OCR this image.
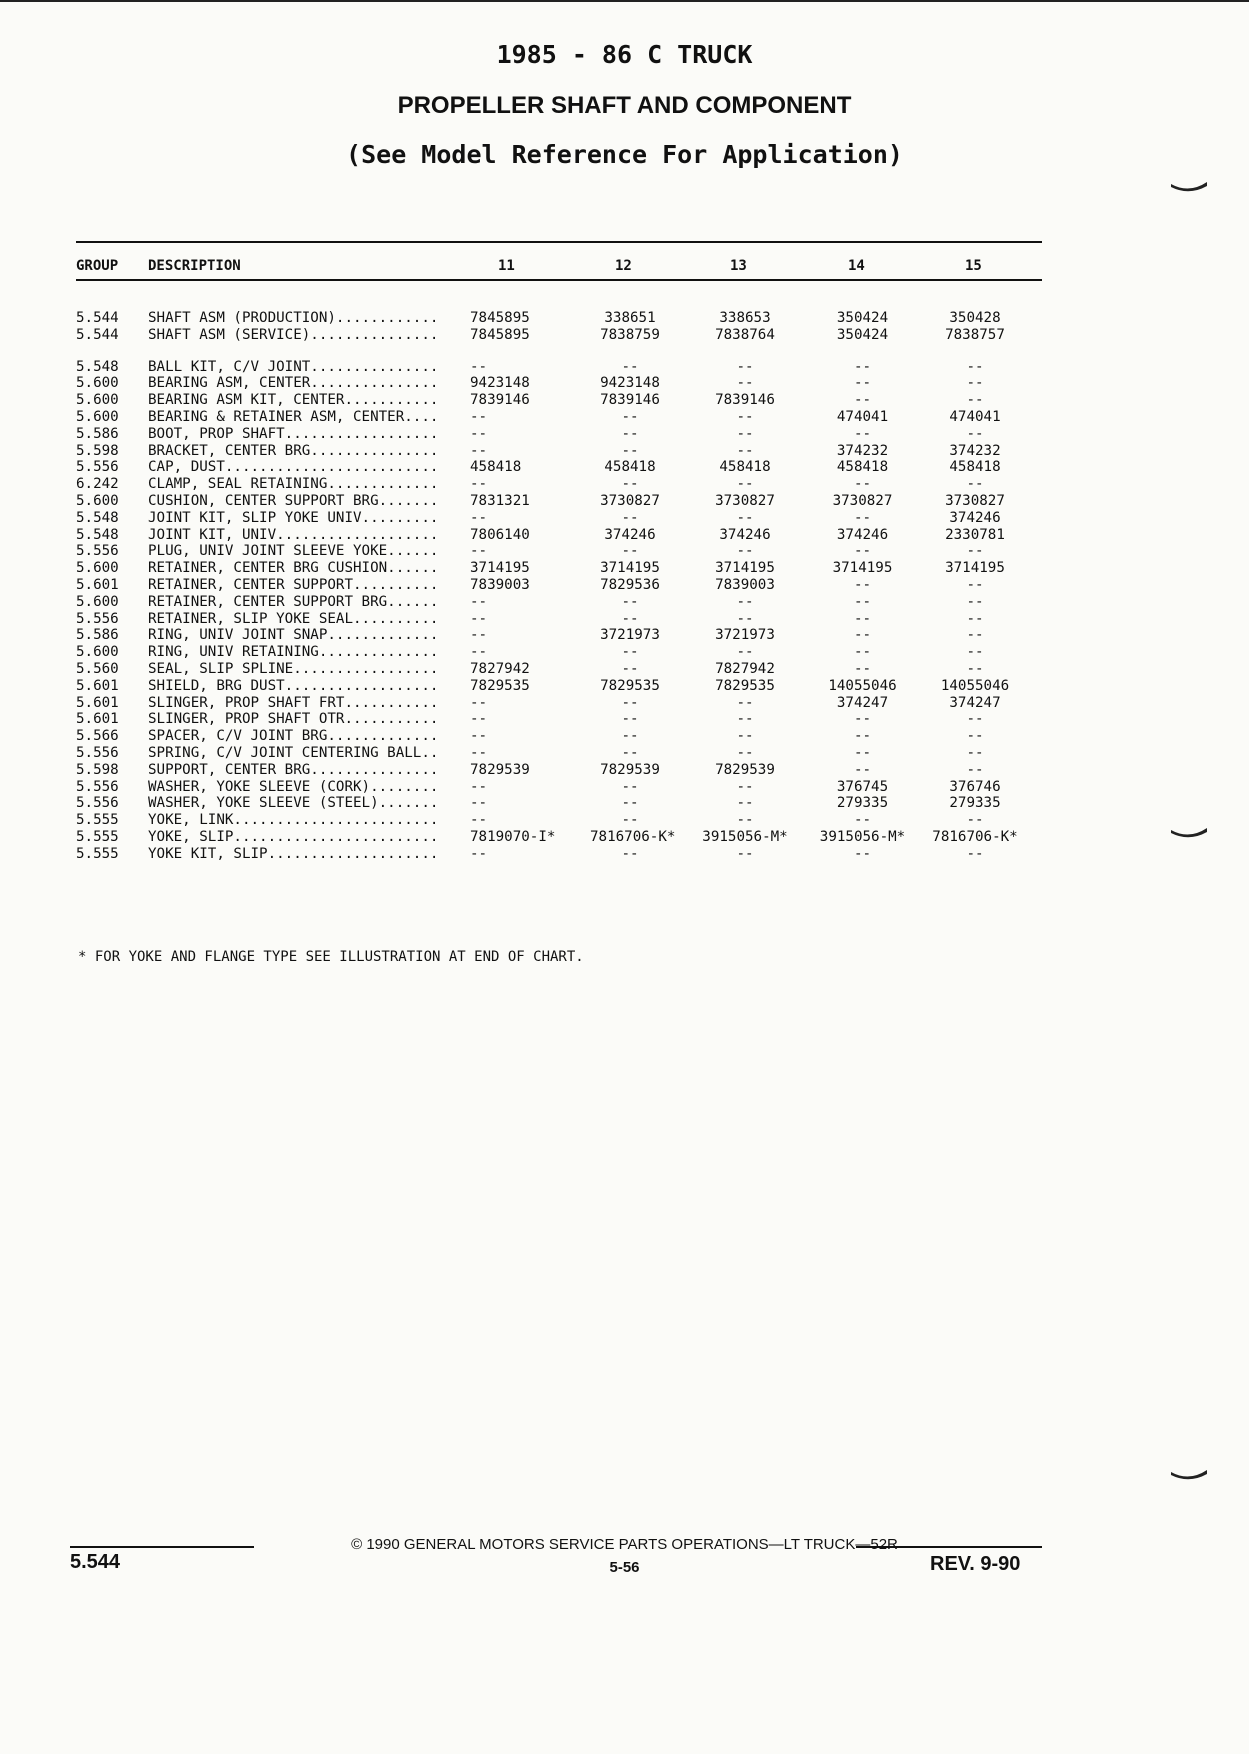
1985 - 86 C TRUCK
PROPELLER SHAFT AND COMPONENT
(See Model Reference For Application)
GROUP DESCRIPTION	11	12	13	14	15
5.544 SHAFT ASM (PRODUCTION)............ 7845895	338651	338653	350424	350428
5.544 SHAFT ASM (SERVICE)............... 7845895	7838759	7838764	350424	7838757
5.548 BALL KIT, C/V JOINT............... --	--	--	--	--
5.600 BEARING ASM, CENTER............... 9423148	9423148	--	--	--
5.600 BEARING ASM KIT, CENTER........... 7839146	7839146	7839146	--	--
5.600 BEARING & RETAINER ASM, CENTER.... --	--	--	474041	474041
5.586 BOOT, PROP SHAFT.................. --	--	--	--	--
5.598 BRACKET, CENTER BRG............... --	--	--	374232	374232
5.556 CAP, DUST......................... 458418	458418	458418	458418	458418
6.242 CLAMP, SEAL RETAINING............. --	--	--	--	--
5.600 CUSHION, CENTER SUPPORT BRG....... 7831321	3730827	3730827	3730827	3730827
5.548 JOINT KIT, SLIP YOKE UNIV......... --	--	--	--	374246
5.548 JOINT KIT, UNIV................... 7806140	374246	374246	374246	2330781
5.556 PLUG, UNIV JOINT SLEEVE YOKE...... --	--	--	--	--
5.600 RETAINER, CENTER BRG CUSHION...... 3714195	3714195	3714195	3714195	3714195
5.601 RETAINER, CENTER SUPPORT.......... 7839003	7829536	7839003	--	--
5.600 RETAINER, CENTER SUPPORT BRG...... --	--	--	--	--
5.556 RETAINER, SLIP YOKE SEAL.......... --	--	--	--	--
5.586 RING, UNIV JOINT SNAP............. --	3721973	3721973	--	--
5.600 RING, UNIV RETAINING.............. --	--	--	--	--
5.560 SEAL, SLIP SPLINE................. 7827942	--	7827942	--	--
5.601 SHIELD, BRG DUST.................. 7829535	7829535	7829535	14055046	14055046
5.601 SLINGER, PROP SHAFT FRT........... --	--	--	374247	374247
5.601 SLINGER, PROP SHAFT OTR........... --	--	--	--	--
5.566 SPACER, C/V JOINT BRG............. --	--	--	--	--
5.556 SPRING, C/V JOINT CENTERING BALL.. --	--	--	--	--
5.598 SUPPORT, CENTER BRG............... 7829539	7829539	7829539	--	--
5.556 WASHER, YOKE SLEEVE (CORK)........ --	--	--	376745	376746
5.556 WASHER, YOKE SLEEVE (STEEL)....... --	--	--	279335	279335
5.555 YOKE, LINK........................ --	--	--	--	--
5.555 YOKE, SLIP........................ 7819070-I*	7816706-K* 3915056-M*	3915056-M*	7816706-K*
5.555 YOKE KIT, SLIP.................... --	--	--	--	--
* FOR YOKE AND FLANGE TYPE SEE ILLUSTRATION AT END OF CHART.
© 1990 GENERAL MOTORS SERVICE PARTS OPERATIONS—LT TRUCK—52R
5-56
5.544	REV. 9-90
